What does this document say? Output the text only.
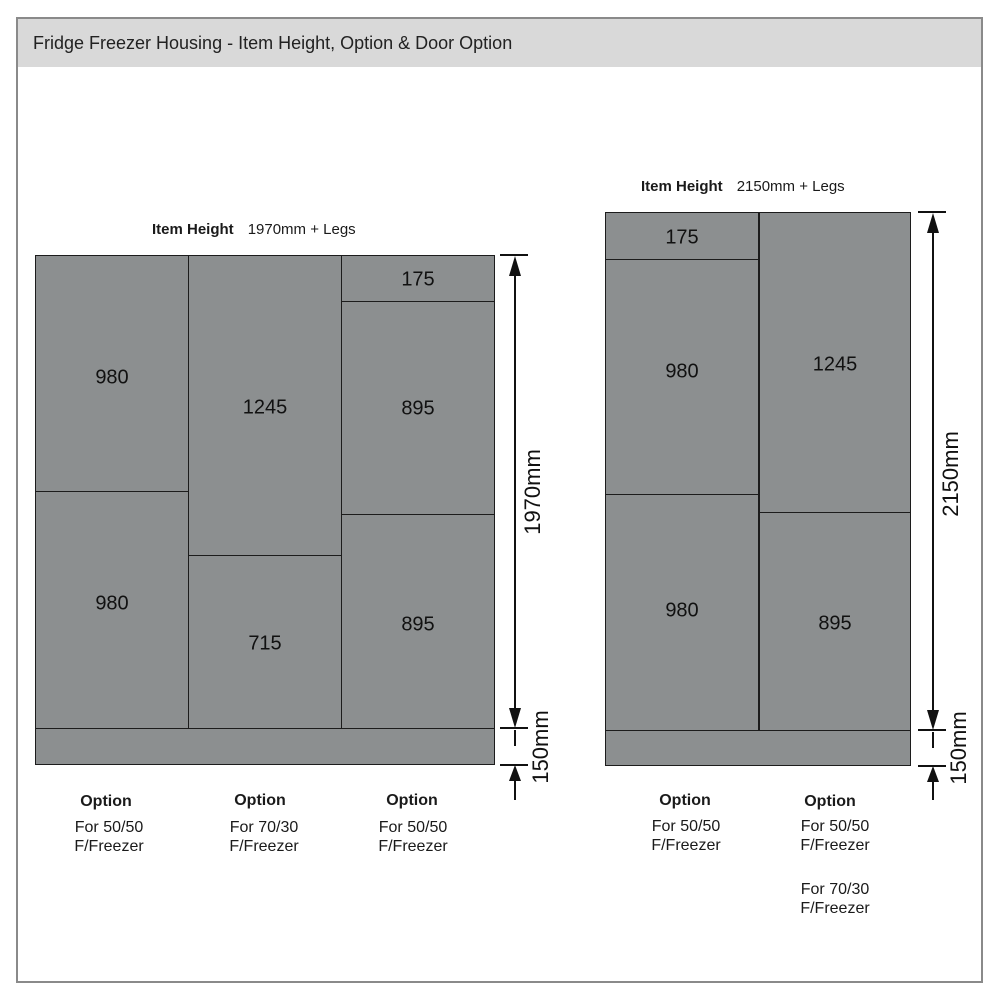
Fridge Freezer Housing - Item Height, Option & Door Option
Item Height 1970mm + Legs
980
980
1245
715
175
895
895
Option
For 50/50
F/Freezer
Option
For 70/30
F/Freezer
Option
For 50/50
F/Freezer
Item Height 2150mm + Legs
175
980
980
1245
895
Option
For 50/50
F/Freezer
Option
For 50/50
F/Freezer
For 70/30
F/Freezer
1970mm
150mm
2150mm
150mm
